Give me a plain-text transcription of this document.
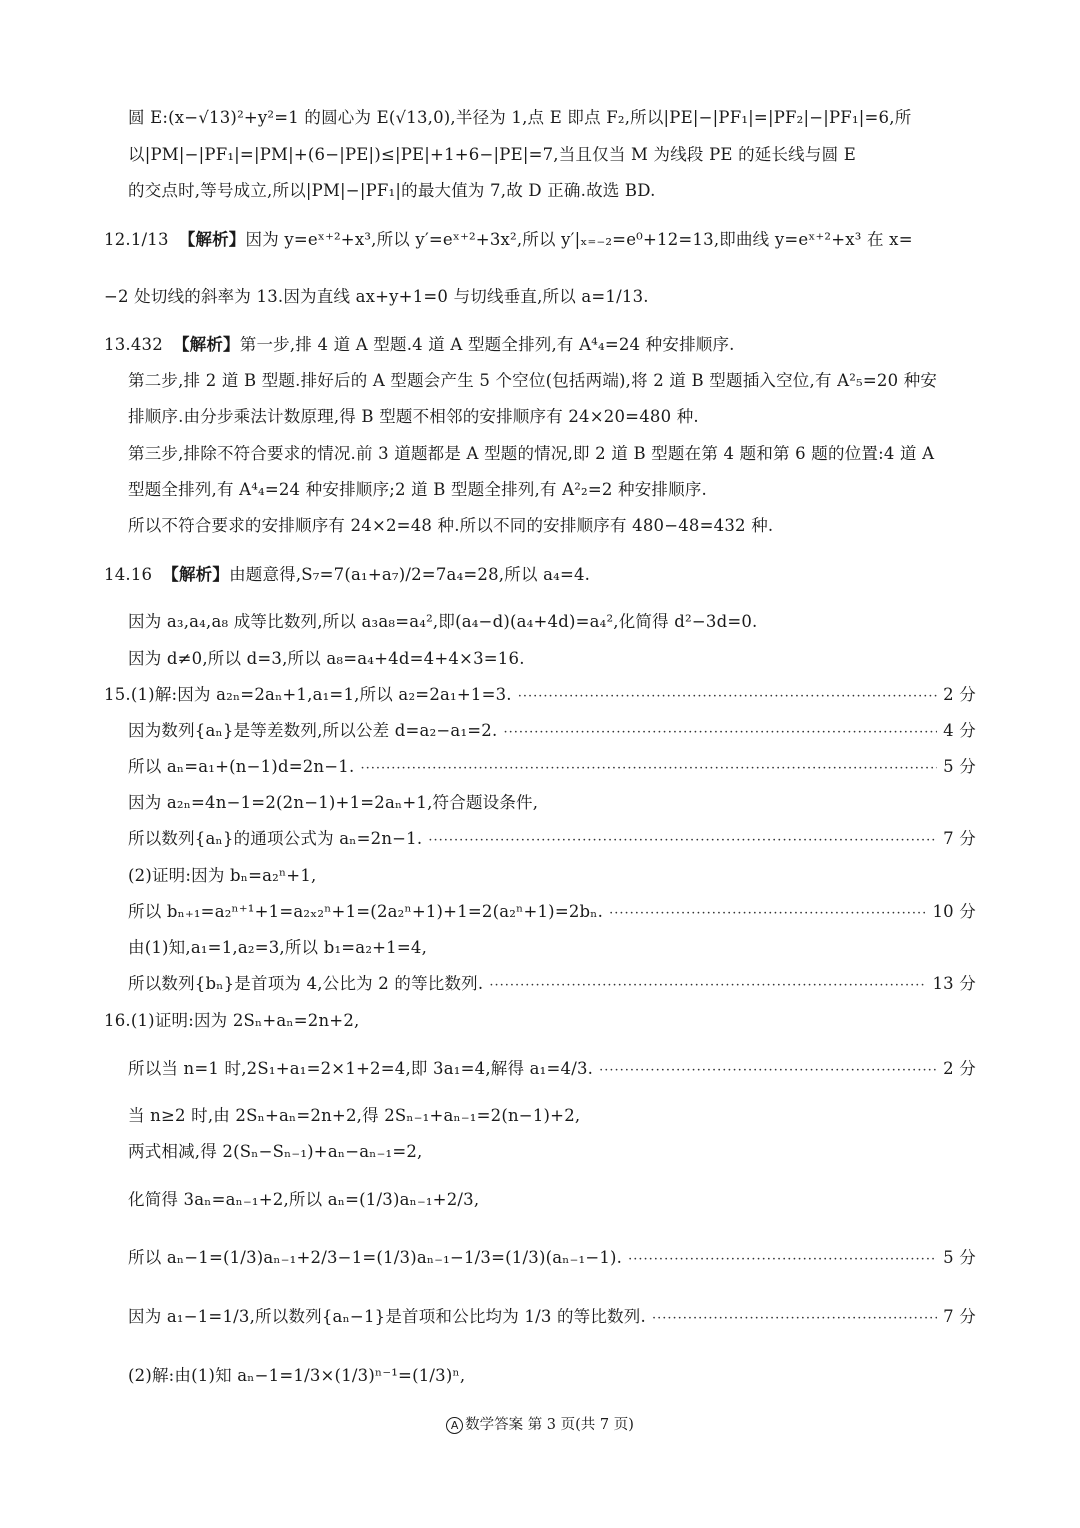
圆 E:(x−√13)²+y²=1 的圆心为 E(√13,0),半径为 1,点 E 即点 F₂,所以|PE|−|PF₁|=|PF₂|−|PF₁|=6,所
以|PM|−|PF₁|=|PM|+(6−|PE|)≤|PE|+1+6−|PE|=7,当且仅当 M 为线段 PE 的延长线与圆 E
的交点时,等号成立,所以|PM|−|PF₁|的最大值为 7,故 D 正确.故选 BD.
12.1/13 【解析】因为 y=eˣ⁺²+x³,所以 y′=eˣ⁺²+3x²,所以 y′|ₓ₌₋₂=e⁰+12=13,即曲线 y=eˣ⁺²+x³ 在 x=
−2 处切线的斜率为 13.因为直线 ax+y+1=0 与切线垂直,所以 a=1/13.
13.432 【解析】第一步,排 4 道 A 型题.4 道 A 型题全排列,有 A⁴₄=24 种安排顺序.
第二步,排 2 道 B 型题.排好后的 A 型题会产生 5 个空位(包括两端),将 2 道 B 型题插入空位,有 A²₅=20 种安
排顺序.由分步乘法计数原理,得 B 型题不相邻的安排顺序有 24×20=480 种.
第三步,排除不符合要求的情况.前 3 道题都是 A 型题的情况,即 2 道 B 型题在第 4 题和第 6 题的位置:4 道 A
型题全排列,有 A⁴₄=24 种安排顺序;2 道 B 型题全排列,有 A²₂=2 种安排顺序.
所以不符合要求的安排顺序有 24×2=48 种.所以不同的安排顺序有 480−48=432 种.
14.16 【解析】由题意得,S₇=7(a₁+a₇)/2=7a₄=28,所以 a₄=4.
因为 a₃,a₄,a₈ 成等比数列,所以 a₃a₈=a₄²,即(a₄−d)(a₄+4d)=a₄²,化简得 d²−3d=0.
因为 d≠0,所以 d=3,所以 a₈=a₄+4d=4+4×3=16.
15.(1)解:因为 a₂ₙ=2aₙ+1,a₁=1,所以 a₂=2a₁+1=3. ·····	2 分
因为数列{aₙ}是等差数列,所以公差 d=a₂−a₁=2. ·····	4 分
所以 aₙ=a₁+(n−1)d=2n−1. ·····	5 分
因为 a₂ₙ=4n−1=2(2n−1)+1=2aₙ+1,符合题设条件,
所以数列{aₙ}的通项公式为 aₙ=2n−1. ·····	7 分
(2)证明:因为 bₙ=a₂ⁿ+1,
所以 bₙ₊₁=a₂ⁿ⁺¹+1=a₂ₓ₂ⁿ+1=(2a₂ⁿ+1)+1=2(a₂ⁿ+1)=2bₙ. ·····	10 分
由(1)知,a₁=1,a₂=3,所以 b₁=a₂+1=4,
所以数列{bₙ}是首项为 4,公比为 2 的等比数列. ·····	13 分
16.(1)证明:因为 2Sₙ+aₙ=2n+2,
所以当 n=1 时,2S₁+a₁=2×1+2=4,即 3a₁=4,解得 a₁=4/3. ·····	2 分
当 n≥2 时,由 2Sₙ+aₙ=2n+2,得 2Sₙ₋₁+aₙ₋₁=2(n−1)+2,
两式相减,得 2(Sₙ−Sₙ₋₁)+aₙ−aₙ₋₁=2,
化简得 3aₙ=aₙ₋₁+2,所以 aₙ=(1/3)aₙ₋₁+2/3,
所以 aₙ−1=(1/3)aₙ₋₁+2/3−1=(1/3)aₙ₋₁−1/3=(1/3)(aₙ₋₁−1). ·····	5 分
因为 a₁−1=1/3,所以数列{aₙ−1}是首项和公比均为 1/3 的等比数列. ·····	7 分
(2)解:由(1)知 aₙ−1=1/3×(1/3)ⁿ⁻¹=(1/3)ⁿ,
A 数学答案 第 3 页(共 7 页)
